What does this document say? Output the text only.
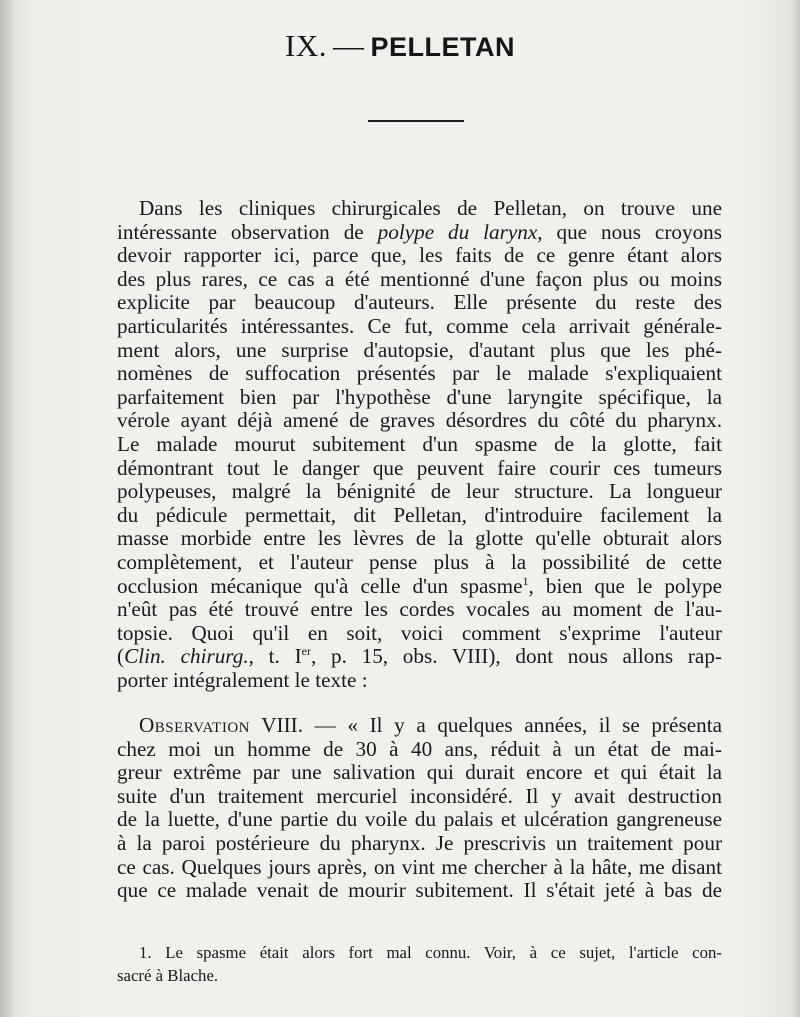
IX. — PELLETAN
Dans les cliniques chirurgicales de Pelletan, on trouve une
intéressante observation de polype du larynx, que nous croyons
devoir rapporter ici, parce que, les faits de ce genre étant alors
des plus rares, ce cas a été mentionné d'une façon plus ou moins
explicite par beaucoup d'auteurs. Elle présente du reste des
particularités intéressantes. Ce fut, comme cela arrivait générale-
ment alors, une surprise d'autopsie, d'autant plus que les phé-
nomènes de suffocation présentés par le malade s'expliquaient
parfaitement bien par l'hypothèse d'une laryngite spécifique, la
vérole ayant déjà amené de graves désordres du côté du pharynx.
Le malade mourut subitement d'un spasme de la glotte, fait
démontrant tout le danger que peuvent faire courir ces tumeurs
polypeuses, malgré la bénignité de leur structure. La longueur
du pédicule permettait, dit Pelletan, d'introduire facilement la
masse morbide entre les lèvres de la glotte qu'elle obturait alors
complètement, et l'auteur pense plus à la possibilité de cette
occlusion mécanique qu'à celle d'un spasme$^1$, bien que le polype
n'eût pas été trouvé entre les cordes vocales au moment de l'au-
topsie. Quoi qu'il en soit, voici comment s'exprime l'auteur
(Clin. chirurg., t. Ier, p. 15, obs. VIII), dont nous allons rap-
porter intégralement le texte :
Observation VIII. — « Il y a quelques années, il se présenta
chez moi un homme de 30 à 40 ans, réduit à un état de mai-
greur extrême par une salivation qui durait encore et qui était la
suite d'un traitement mercuriel inconsidéré. Il y avait destruction
de la luette, d'une partie du voile du palais et ulcération gangreneuse
à la paroi postérieure du pharynx. Je prescrivis un traitement pour
ce cas. Quelques jours après, on vint me chercher à la hâte, me disant
que ce malade venait de mourir subitement. Il s'était jeté à bas de
1. Le spasme était alors fort mal connu. Voir, à ce sujet, l'article con-
sacré à Blache.
